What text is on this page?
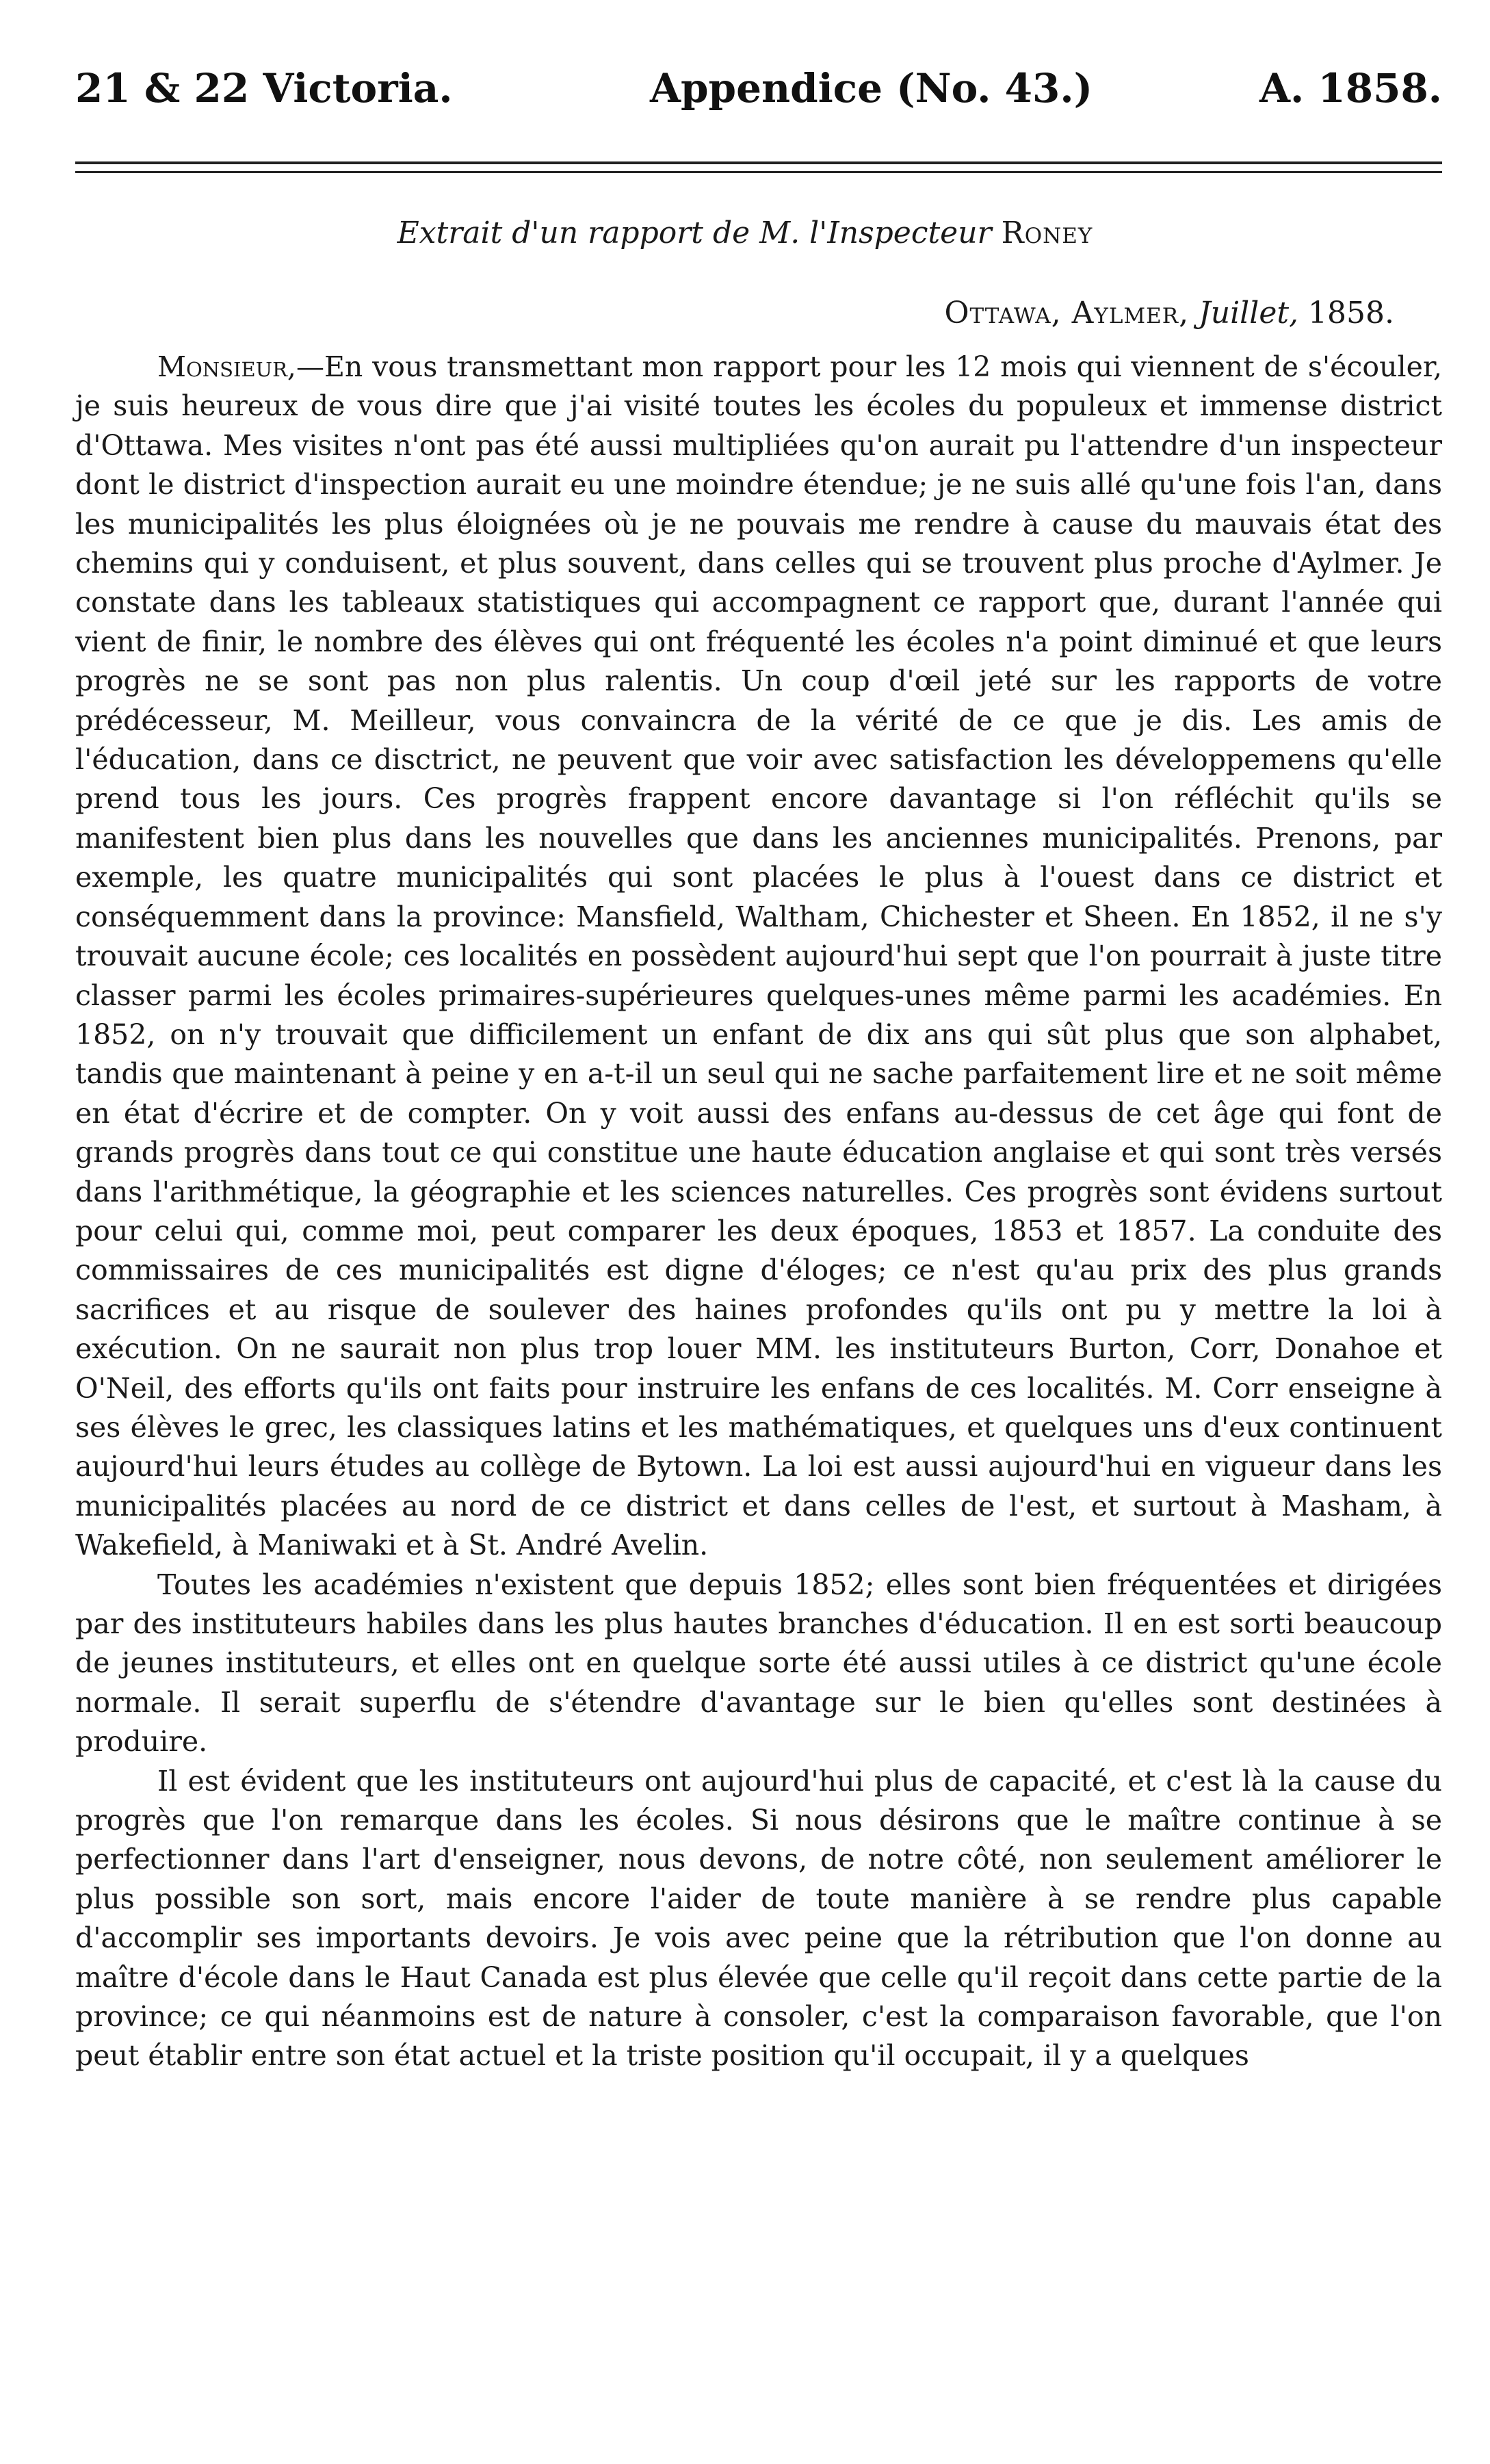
21 & 22 Victoria.	Appendice (No. 43.)	A. 1858.
Extrait d'un rapport de M. l'Inspecteur Roney
Ottawa, Aylmer, Juillet, 1858.

Monsieur,—En vous transmettant mon rapport pour les 12 mois qui viennent de s'écouler, je suis heureux de vous dire que j'ai visité toutes les écoles du populeux et immense district d'Ottawa. Mes visites n'ont pas été aussi multipliées qu'on aurait pu l'attendre d'un inspecteur dont le district d'inspection aurait eu une moindre étendue; je ne suis allé qu'une fois l'an, dans les municipalités les plus éloignées où je ne pouvais me rendre à cause du mauvais état des chemins qui y conduisent, et plus souvent, dans celles qui se trouvent plus proche d'Aylmer. Je constate dans les tableaux statistiques qui accompagnent ce rapport que, durant l'année qui vient de finir, le nombre des élèves qui ont fréquenté les écoles n'a point diminué et que leurs progrès ne se sont pas non plus ralentis. Un coup d'œil jeté sur les rapports de votre prédécesseur, M. Meilleur, vous convaincra de la vérité de ce que je dis. Les amis de l'éducation, dans ce disctrict, ne peuvent que voir avec satisfaction les développemens qu'elle prend tous les jours. Ces progrès frappent encore davantage si l'on réfléchit qu'ils se manifestent bien plus dans les nouvelles que dans les anciennes municipalités. Prenons, par exemple, les quatre municipalités qui sont placées le plus à l'ouest dans ce district et conséquemment dans la province: Mansfield, Waltham, Chichester et Sheen. En 1852, il ne s'y trouvait aucune école; ces localités en possèdent aujourd'hui sept que l'on pourrait à juste titre classer parmi les écoles primaires-supérieures quelques-unes même parmi les académies. En 1852, on n'y trouvait que difficilement un enfant de dix ans qui sût plus que son alphabet, tandis que maintenant à peine y en a-t-il un seul qui ne sache parfaitement lire et ne soit même en état d'écrire et de compter. On y voit aussi des enfans au-dessus de cet âge qui font de grands progrès dans tout ce qui constitue une haute éducation anglaise et qui sont très versés dans l'arithmétique, la géographie et les sciences naturelles. Ces progrès sont évidens surtout pour celui qui, comme moi, peut comparer les deux époques, 1853 et 1857. La conduite des commissaires de ces municipalités est digne d'éloges; ce n'est qu'au prix des plus grands sacrifices et au risque de soulever des haines profondes qu'ils ont pu y mettre la loi à exécution. On ne saurait non plus trop louer MM. les instituteurs Burton, Corr, Donahoe et O'Neil, des efforts qu'ils ont faits pour instruire les enfans de ces localités. M. Corr enseigne à ses élèves le grec, les classiques latins et les mathématiques, et quelques uns d'eux continuent aujourd'hui leurs études au collège de Bytown. La loi est aussi aujourd'hui en vigueur dans les municipalités placées au nord de ce district et dans celles de l'est, et surtout à Masham, à Wakefield, à Maniwaki et à St. André Avelin.

Toutes les académies n'existent que depuis 1852; elles sont bien fréquentées et dirigées par des instituteurs habiles dans les plus hautes branches d'éducation. Il en est sorti beaucoup de jeunes instituteurs, et elles ont en quelque sorte été aussi utiles à ce district qu'une école normale. Il serait superflu de s'étendre d'avantage sur le bien qu'elles sont destinées à produire.

Il est évident que les instituteurs ont aujourd'hui plus de capacité, et c'est là la cause du progrès que l'on remarque dans les écoles. Si nous désirons que le maître continue à se perfectionner dans l'art d'enseigner, nous devons, de notre côté, non seulement améliorer le plus possible son sort, mais encore l'aider de toute manière à se rendre plus capable d'accomplir ses importants devoirs. Je vois avec peine que la rétribution que l'on donne au maître d'école dans le Haut Canada est plus élevée que celle qu'il reçoit dans cette partie de la province; ce qui néanmoins est de nature à consoler, c'est la comparaison favorable, que l'on peut établir entre son état actuel et la triste position qu'il occupait, il y a quelques
